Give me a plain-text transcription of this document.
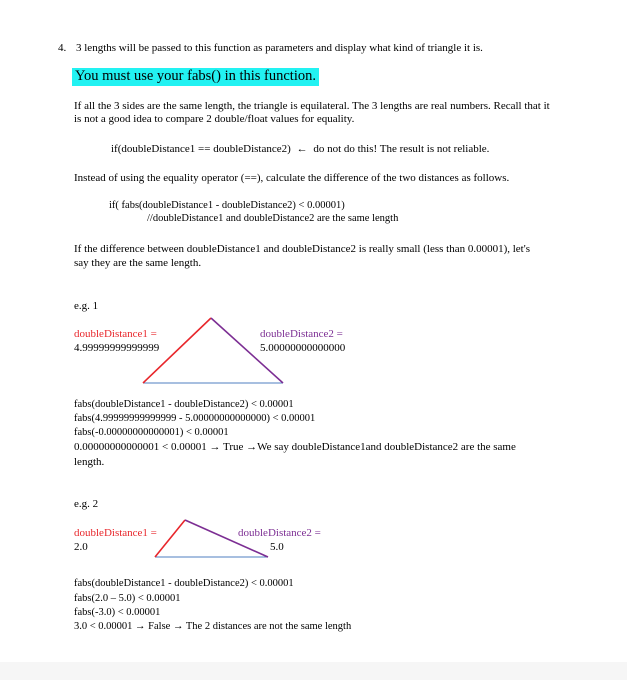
4. 3 lengths will be passed to this function as parameters and display what kind of triangle it is.
You must use your fabs() in this function.
If all the 3 sides are the same length, the triangle is equilateral. The 3 lengths are real numbers. Recall that it
is not a good idea to compare 2 double/float values for equality.
if(doubleDistance1 == doubleDistance2) ← do not do this! The result is not reliable.
Instead of using the equality operator (==), calculate the difference of the two distances as follows.
if( fabs(doubleDistance1 - doubleDistance2) < 0.00001)
//doubleDistance1 and doubleDistance2 are the same length
If the difference between doubleDistance1 and doubleDistance2 is really small (less than 0.00001), let's
say they are the same length.
e.g. 1
doubleDistance1 =
4.99999999999999
doubleDistance2 =
5.00000000000000
fabs(doubleDistance1 - doubleDistance2) < 0.00001
fabs(4.99999999999999 - 5.00000000000000) < 0.00001
fabs(-0.00000000000001) < 0.00001
0.00000000000001 < 0.00001 → True →We say doubleDistance1and doubleDistance2 are the same
length.
e.g. 2
doubleDistance1 =
2.0
doubleDistance2 =
5.0
fabs(doubleDistance1 - doubleDistance2) < 0.00001
fabs(2.0 – 5.0) < 0.00001
fabs(-3.0) < 0.00001
3.0 < 0.00001 → False → The 2 distances are not the same length
